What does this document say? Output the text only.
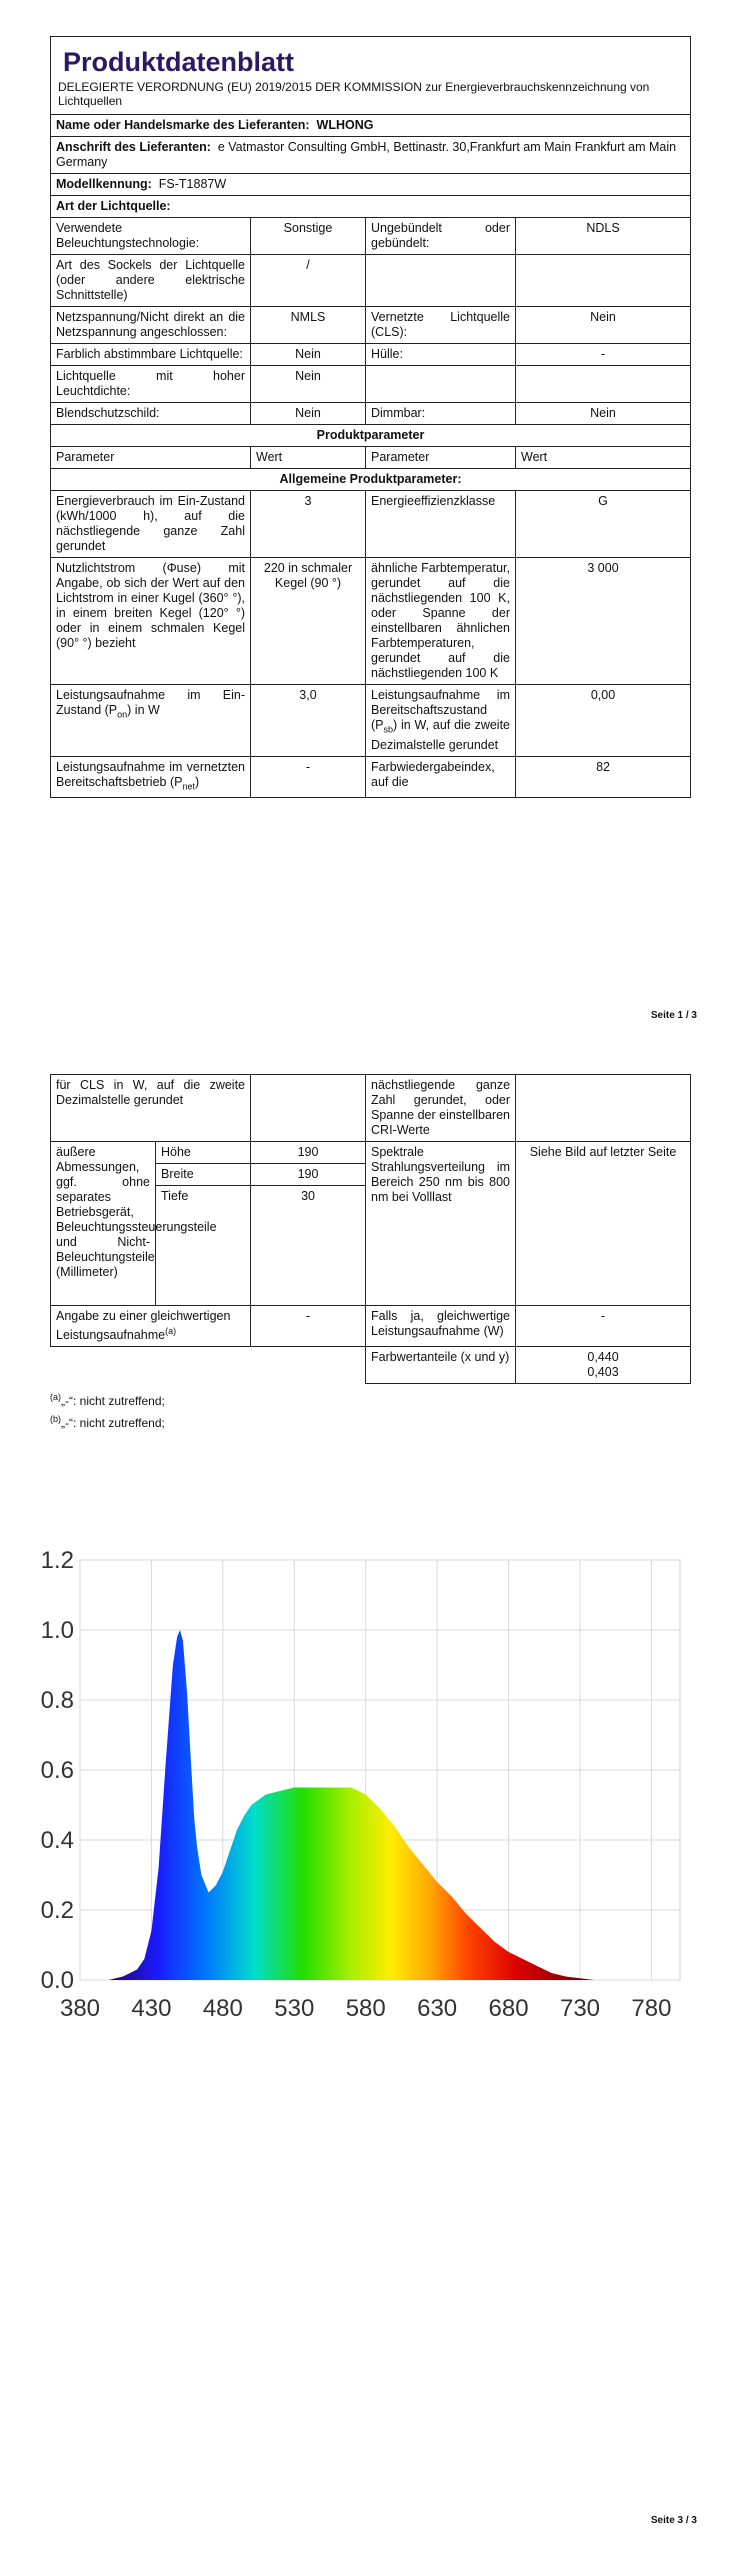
Produktdatenblatt
DELEGIERTE VERORDNUNG (EU) 2019/2015 DER KOMMISSION zur Energieverbrauchskennzeichnung von Lichtquellen			

Name oder Handelsmarke des Lieferanten: WLHONG			
Anschrift des Lieferanten: e Vatmastor Consulting GmbH, Bettinastr. 30,Frankfurt am Main Frankfurt am Main Germany			
Modellkennung: FS-T1887W			
Art der Lichtquelle:			
Verwendete Beleuchtungstechnologie:	Sonstige	Ungebündelt oder gebündelt:	NDLS
Art des Sockels der Lichtquelle (oder andere elektrische Schnittstelle)	/		
Netzspannung/Nicht direkt an die Netzspannung angeschlossen:	NMLS	Vernetzte Lichtquelle (CLS):	Nein
Farblich abstimmbare Lichtquelle:	Nein	Hülle:	-
Lichtquelle mit hoher Leuchtdichte:	Nein		
Blendschutzschild:	Nein	Dimmbar:	Nein
Produktparameter			
Parameter	Wert	Parameter	Wert
Allgemeine Produktparameter:			
Energieverbrauch im Ein-Zustand (kWh/1000 h), auf die nächstliegende ganze Zahl gerundet	3	Energieeffizienzklasse	G
Nutzlichtstrom (Φuse) mit Angabe, ob sich der Wert auf den Lichtstrom in einer Kugel (360° °), in einem breiten Kegel (120° °) oder in einem schmalen Kegel (90° °) bezieht	220 in schmaler Kegel (90 °)	ähnliche Farbtemperatur, gerundet auf die nächstliegenden 100 K, oder Spanne der einstellbaren ähnlichen Farbtemperaturen, gerundet auf die nächstliegenden 100 K	3 000
Leistungsaufnahme im Ein-Zustand $(P_{on})$ in W	3,0	Leistungsaufnahme im Bereitschaftszustand $(P_{sb})$ in W, auf die zweite Dezimalstelle gerundet	0,00
Leistungsaufnahme im vernetzten Bereitschaftsbetrieb $(P_{net})$	-	Farbwiedergabeindex, auf die	82
Seite 1 / 3
für CLS in W, auf die zweite Dezimalstelle gerundet			nächstliegende ganze Zahl gerundet, oder Spanne der einstellbaren CRI-Werte	
äußere Abmessungen, ggf. ohne separates Betriebsgerät, Beleuchtungssteuerungsteile und Nicht-Beleuchtungsteile (Millimeter)	Höhe	190	Spektrale Strahlungsverteilung im Bereich 250 nm bis 800 nm bei Volllast	Siehe Bild auf letzter Seite
	Breite	190		
	Tiefe	30		
Angabe zu einer gleichwertigen Leistungsaufnahme$^{(a)}$		-	Falls ja, gleichwertige Leistungsaufnahme (W)	-
			Farbwertanteile (x und y)	0,440
0,403
$^{(a)}$„-“: nicht zutreffend;
$^{(b)}$„-“: nicht zutreffend;
0.0
0.2
0.4
0.6
0.8
1.0
1.2
380 430 480 530 580 630 680 730 780
Seite 3 / 3
